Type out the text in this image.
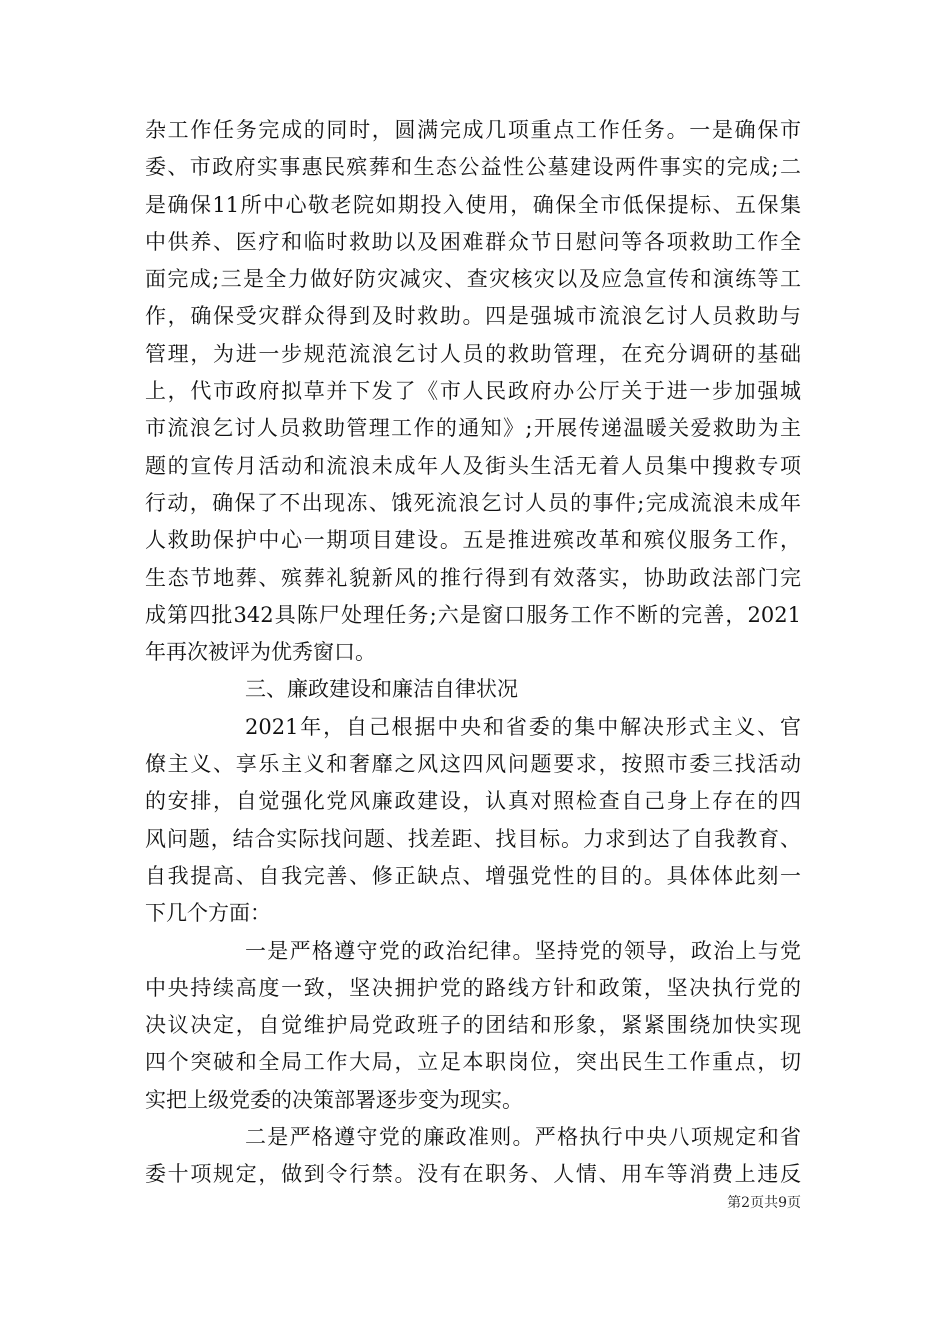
杂工作任务完成的同时，圆满完成几项重点工作任务。一是确保市
委、市政府实事惠民殡葬和生态公益性公墓建设两件事实的完成;二
是确保11所中心敬老院如期投入使用，确保全市低保提标、五保集
中供养、医疗和临时救助以及困难群众节日慰问等各项救助工作全
面完成;三是全力做好防灾减灾、查灾核灾以及应急宣传和演练等工
作，确保受灾群众得到及时救助。四是强城市流浪乞讨人员救助与
管理，为进一步规范流浪乞讨人员的救助管理，在充分调研的基础
上，代市政府拟草并下发了《市人民政府办公厅关于进一步加强城
市流浪乞讨人员救助管理工作的通知》;开展传递温暖关爱救助为主
题的宣传月活动和流浪未成年人及街头生活无着人员集中搜救专项
行动，确保了不出现冻、饿死流浪乞讨人员的事件;完成流浪未成年
人救助保护中心一期项目建设。五是推进殡改革和殡仪服务工作，
生态节地葬、殡葬礼貌新风的推行得到有效落实，协助政法部门完
成第四批342具陈尸处理任务;六是窗口服务工作不断的完善，2021
年再次被评为优秀窗口。
三、廉政建设和廉洁自律状况
2021年，自己根据中央和省委的集中解决形式主义、官
僚主义、享乐主义和奢靡之风这四风问题要求，按照市委三找活动
的安排，自觉强化党风廉政建设，认真对照检查自己身上存在的四
风问题，结合实际找问题、找差距、找目标。力求到达了自我教育、
自我提高、自我完善、修正缺点、增强党性的目的。具体体此刻一
下几个方面：
一是严格遵守党的政治纪律。坚持党的领导，政治上与党
中央持续高度一致，坚决拥护党的路线方针和政策，坚决执行党的
决议决定，自觉维护局党政班子的团结和形象，紧紧围绕加快实现
四个突破和全局工作大局，立足本职岗位，突出民生工作重点，切
实把上级党委的决策部署逐步变为现实。
二是严格遵守党的廉政准则。严格执行中央八项规定和省
委十项规定，做到令行禁。没有在职务、人情、用车等消费上违反
第2页共9页
